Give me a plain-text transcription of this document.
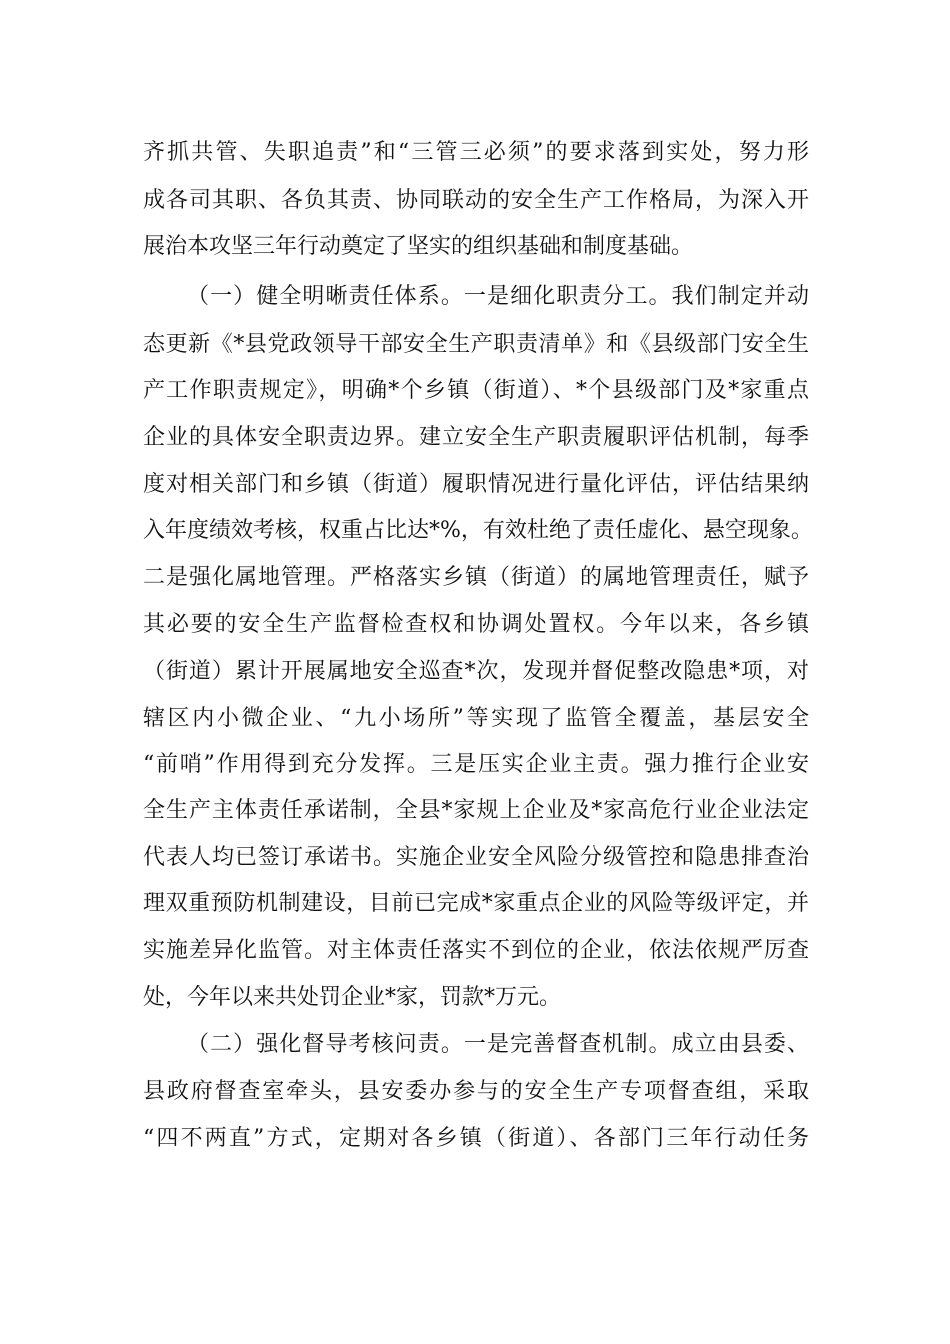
齐抓共管、失职追责”和“三管三必须”的要求落到实处，努力形
成各司其职、各负其责、协同联动的安全生产工作格局，为深入开
展治本攻坚三年行动奠定了坚实的组织基础和制度基础。
（一）健全明晰责任体系。一是细化职责分工。我们制定并动
态更新《*县党政领导干部安全生产职责清单》和《县级部门安全生
产工作职责规定》，明确*个乡镇（街道）、*个县级部门及*家重点
企业的具体安全职责边界。建立安全生产职责履职评估机制，每季
度对相关部门和乡镇（街道）履职情况进行量化评估，评估结果纳
入年度绩效考核，权重占比达*%，有效杜绝了责任虚化、悬空现象。
二是强化属地管理。严格落实乡镇（街道）的属地管理责任，赋予
其必要的安全生产监督检查权和协调处置权。今年以来，各乡镇
（街道）累计开展属地安全巡查*次，发现并督促整改隐患*项，对
辖区内小微企业、“九小场所”等实现了监管全覆盖，基层安全
“前哨”作用得到充分发挥。三是压实企业主责。强力推行企业安
全生产主体责任承诺制，全县*家规上企业及*家高危行业企业法定
代表人均已签订承诺书。实施企业安全风险分级管控和隐患排查治
理双重预防机制建设，目前已完成*家重点企业的风险等级评定，并
实施差异化监管。对主体责任落实不到位的企业，依法依规严厉查
处，今年以来共处罚企业*家，罚款*万元。
（二）强化督导考核问责。一是完善督查机制。成立由县委、
县政府督查室牵头，县安委办参与的安全生产专项督查组，采取
“四不两直”方式，定期对各乡镇（街道）、各部门三年行动任务
